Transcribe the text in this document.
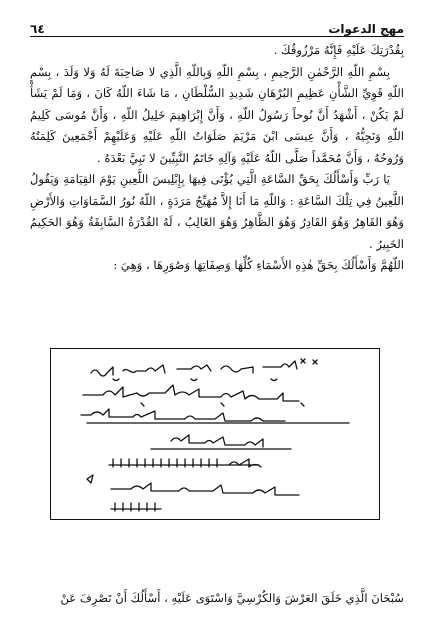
مهج الدعوات
٦٤

بِقُدْرَتِكَ عَلَيْهِ فَإِنَّهُ مَرْزُوقُكَ .

بِسْمِ اللّهِ الرَّحْمٰنِ الرَّحِيمِ ، بِسْمِ اللّهِ وَبِاللّهِ الَّذِي لا صَاحِبَةَ لَهُ وَلا وَلَدَ ، بِسْمِ اللّهِ قَوِيِّ الشَّأْنِ عَظِيمِ البُرْهَانِ شَدِيدِ السُّلْطَانِ ، مَا شَاءَ اللّهُ كَانَ ، وَمَا لَمْ يَشَأْ لَمْ يَكُنْ ، أَشْهَدُ أَنَّ نُوحاً رَسُولُ اللّهِ ، وَأَنَّ إِبْرَاهِيمَ خَلِيلُ اللّهِ ، وَأَنَّ مُوسَى كَلِيمُ اللّهِ وَنَجِيُّهُ ، وَأَنَّ عِيسَى ابْنَ مَرْيَمَ صَلَوَاتُ اللّهِ عَلَيْهِ وَعَلَيْهِمْ أَجْمَعِينَ كَلِمَتُهُ وَرُوحُهُ ، وَأَنَّ مُحَمَّداً صَلَّى اللّهُ عَلَيْهِ وَآلِهِ خَاتَمُ النَّبِيِّينَ لا نَبِيَّ بَعْدَهُ .

يَا رَبِّ وَأَسْأَلُكَ بِحَقِّ السَّاعَةِ الَّتِي يُؤْتَى فِيهَا بِإِبْلِيسَ اللَّعِينِ يَوْمَ القِيَامَةِ وَيَقُولُ اللَّعِينُ فِي تِلْكَ السَّاعَةِ : وَاللّهِ مَا أَنَا إِلاَّ مُهَيِّجُ مَرَدَةٍ ، اللّهُ نُورُ السَّمَاوَاتِ وَالأَرْضِ وَهُوَ القَاهِرُ وَهُوَ القَادِرُ وَهُوَ الظَّاهِرُ وَهُوَ الغَالِبُ ، لَهُ القُدْرَةُ السَّابِقَةُ وَهُوَ الحَكِيمُ الخَبِيرُ .

اللّهُمَّ وَأَسْأَلُكَ بِحَقِّ هٰذِهِ الأَسْمَاءِ كُلِّهَا وَصِفَاتِهَا وَصُوَرِهَا ، وَهِيَ :

سُبْحَانَ الَّذِي خَلَقَ العَرْشَ وَالكُرْسِيَّ وَاسْتَوَى عَلَيْهِ ، أَسْأَلُكَ أَنْ تَصْرِفَ عَنْ
